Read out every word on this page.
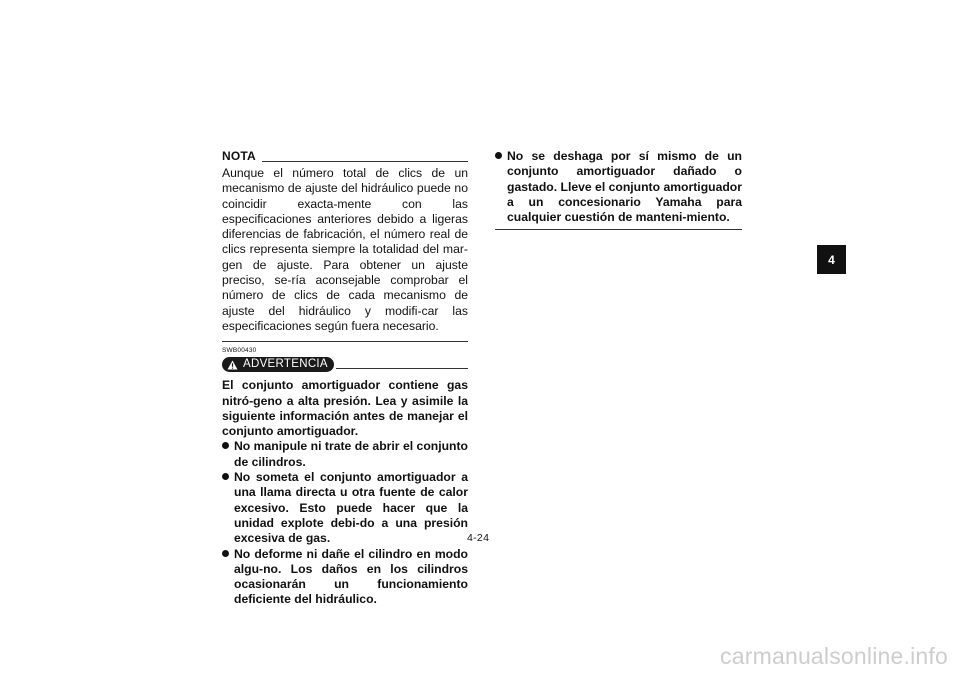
NOTA
Aunque el número total de clics de un mecanismo de ajuste del hidráulico puede no coincidir exacta-mente con las especificaciones anteriores debido a ligeras diferencias de fabricación, el número real de clics representa siempre la totalidad del mar-gen de ajuste. Para obtener un ajuste preciso, se-ría aconsejable comprobar el número de clics de cada mecanismo de ajuste del hidráulico y modifi-car las especificaciones según fuera necesario.
SWB00430
ADVERTENCIA
El conjunto amortiguador contiene gas nitró-geno a alta presión. Lea y asimile la siguiente información antes de manejar el conjunto amortiguador.
No manipule ni trate de abrir el conjunto de cilindros.
No someta el conjunto amortiguador a una llama directa u otra fuente de calor excesivo. Esto puede hacer que la unidad explote debi-do a una presión excesiva de gas.
No deforme ni dañe el cilindro en modo algu-no. Los daños en los cilindros ocasionarán un funcionamiento deficiente del hidráulico.
No se deshaga por sí mismo de un conjunto amortiguador dañado o gastado. Lleve el conjunto amortiguador a un concesionario Yamaha para cualquier cuestión de manteni-miento.
4
4-24
carmanualsonline.info
